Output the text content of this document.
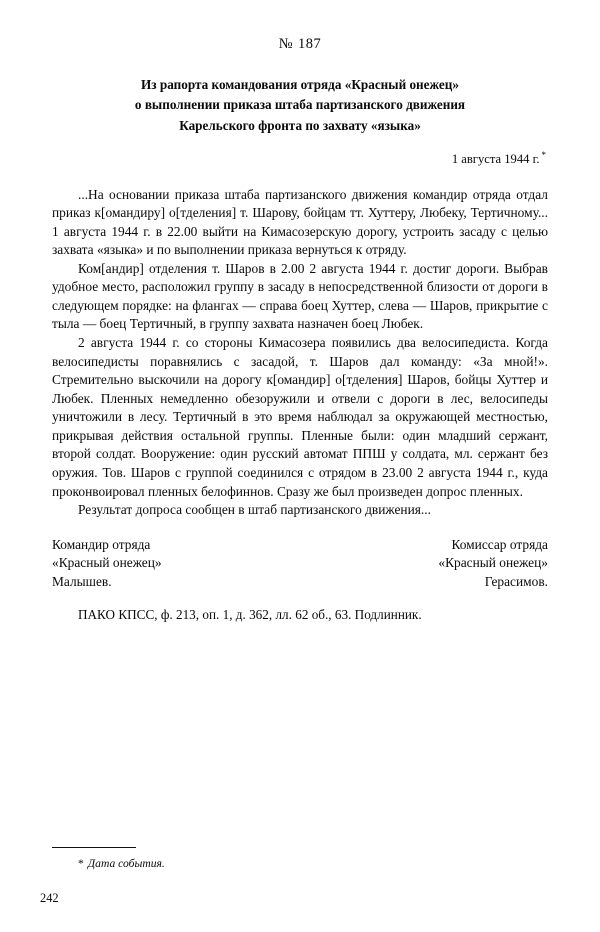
№ 187
Из рапорта командования отряда «Красный онежец»
о выполнении приказа штаба партизанского движения
Карельского фронта по захвату «языка»
1 августа 1944 г. *

...На основании приказа штаба партизанского движения командир отряда отдал приказ к[омандиру] о[тделения] т. Шарову, бойцам тт. Хуттеру, Любеку, Тертичному... 1 августа 1944 г. в 22.00 выйти на Кимасозерскую дорогу, устроить засаду с целью захвата «языка» и по выполнении приказа вернуться к отряду.

Ком[андир] отделения т. Шаров в 2.00 2 августа 1944 г. достиг дороги. Выбрав удобное место, расположил группу в засаду в непосредственной близости от дороги в следующем порядке: на флангах — справа боец Хуттер, слева — Шаров, прикрытие с тыла — боец Тертичный, в группу захвата назначен боец Любек.

2 августа 1944 г. со стороны Кимасозера появились два велосипедиста. Когда велосипедисты поравнялись с засадой, т. Шаров дал команду: «За мной!». Стремительно выскочили на дорогу к[омандир] о[тделения] Шаров, бойцы Хуттер и Любек. Пленных немедленно обезоружили и отвели с дороги в лес, велосипеды уничтожили в лесу. Тертичный в это время наблюдал за окружающей местностью, прикрывая действия остальной группы. Пленные были: один младший сержант, второй солдат. Вооружение: один русский автомат ППШ у солдата, мл. сержант без оружия. Тов. Шаров с группой соединился с отрядом в 23.00 2 августа 1944 г., куда проконвоировал пленных белофиннов. Сразу же был произведен допрос пленных.

Результат допроса сообщен в штаб партизанского движения...

Командир отряда
«Красный онежец»
Малышев.
Комиссар отряда
«Красный онежец»
Герасимов.
ПАКО КПСС, ф. 213, оп. 1, д. 362, лл. 62 об., 63. Подлинник.
* Дата события.
242
